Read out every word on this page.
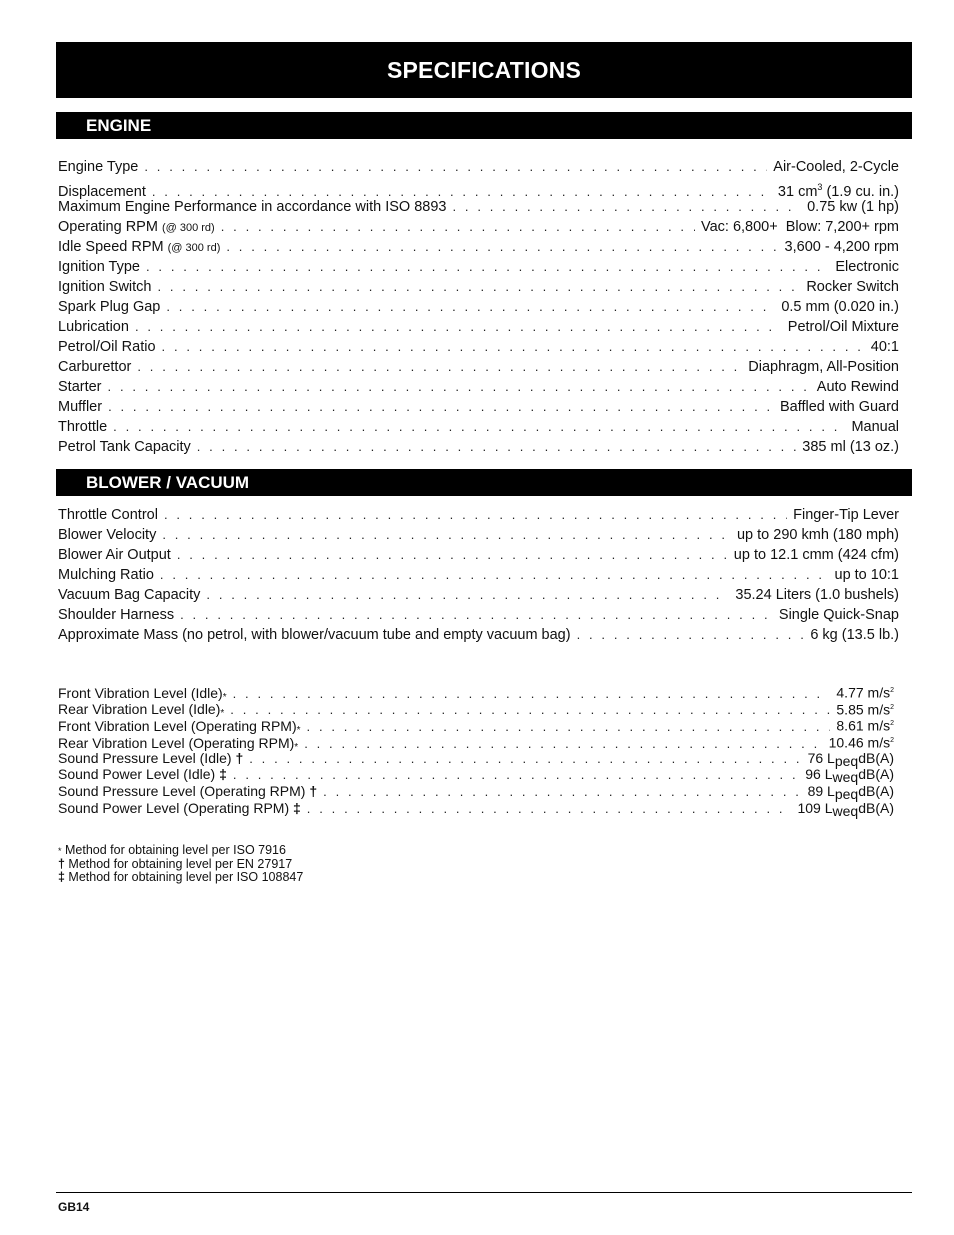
SPECIFICATIONS
ENGINE
Engine Type . . .	Air-Cooled, 2-Cycle
Displacement . . .	31 $cm^3$ (1.9 cu. in.)
Maximum Engine Performance in accordance with ISO 8893 . . .	0.75 kw (1 hp)
Operating RPM (@ 300 rd) . . .	Vac: 6,800+  Blow: 7,200+ rpm
Idle Speed RPM (@ 300 rd) . . .	3,600 - 4,200 rpm
Ignition Type . . .	Electronic
Ignition Switch . . .	Rocker Switch
Spark Plug Gap . . .	0.5 mm (0.020 in.)
Lubrication . . .	Petrol/Oil Mixture
Petrol/Oil Ratio . . .	40:1
Carburettor . . .	Diaphragm, All-Position
Starter . . .	Auto Rewind
Muffler . . .	Baffled with Guard
Throttle . . .	Manual
Petrol Tank Capacity . . .	385 ml (13 oz.)
BLOWER / VACUUM
Throttle Control . . .	Finger-Tip Lever
Blower Velocity . . .	up to 290 kmh (180 mph)
Blower Air Output . . .	up to 12.1 cmm (424 cfm)
Mulching Ratio . . .	up to 10:1
Vacuum Bag Capacity . . .	35.24 Liters (1.0 bushels)
Shoulder Harness . . .	Single Quick-Snap
Approximate Mass (no petrol, with blower/vacuum tube and empty vacuum bag) . . .	6 kg (13.5 lb.)
Front Vibration Level (Idle)* . . .	4.77 $m/s^2$
Rear Vibration Level (Idle)* . . .	5.85 $m/s^2$
Front Vibration Level (Operating RPM)* . . .	8.61 $m/s^2$
Rear Vibration Level (Operating RPM)* . . .	10.46 $m/s^2$
Sound Pressure Level (Idle) † . . .	76 $L_{peq}dB(A)$
Sound Power Level (Idle) ‡ . . .	96 $L_{weq}dB(A)$
Sound Pressure Level (Operating RPM) † . . .	89 $L_{peq}dB(A)$
Sound Power Level (Operating RPM) ‡ . . .	109 $L_{weq}dB(A)$
* Method for obtaining level per ISO 7916
† Method for obtaining level per EN 27917
‡ Method for obtaining level per ISO 108847
GB14
